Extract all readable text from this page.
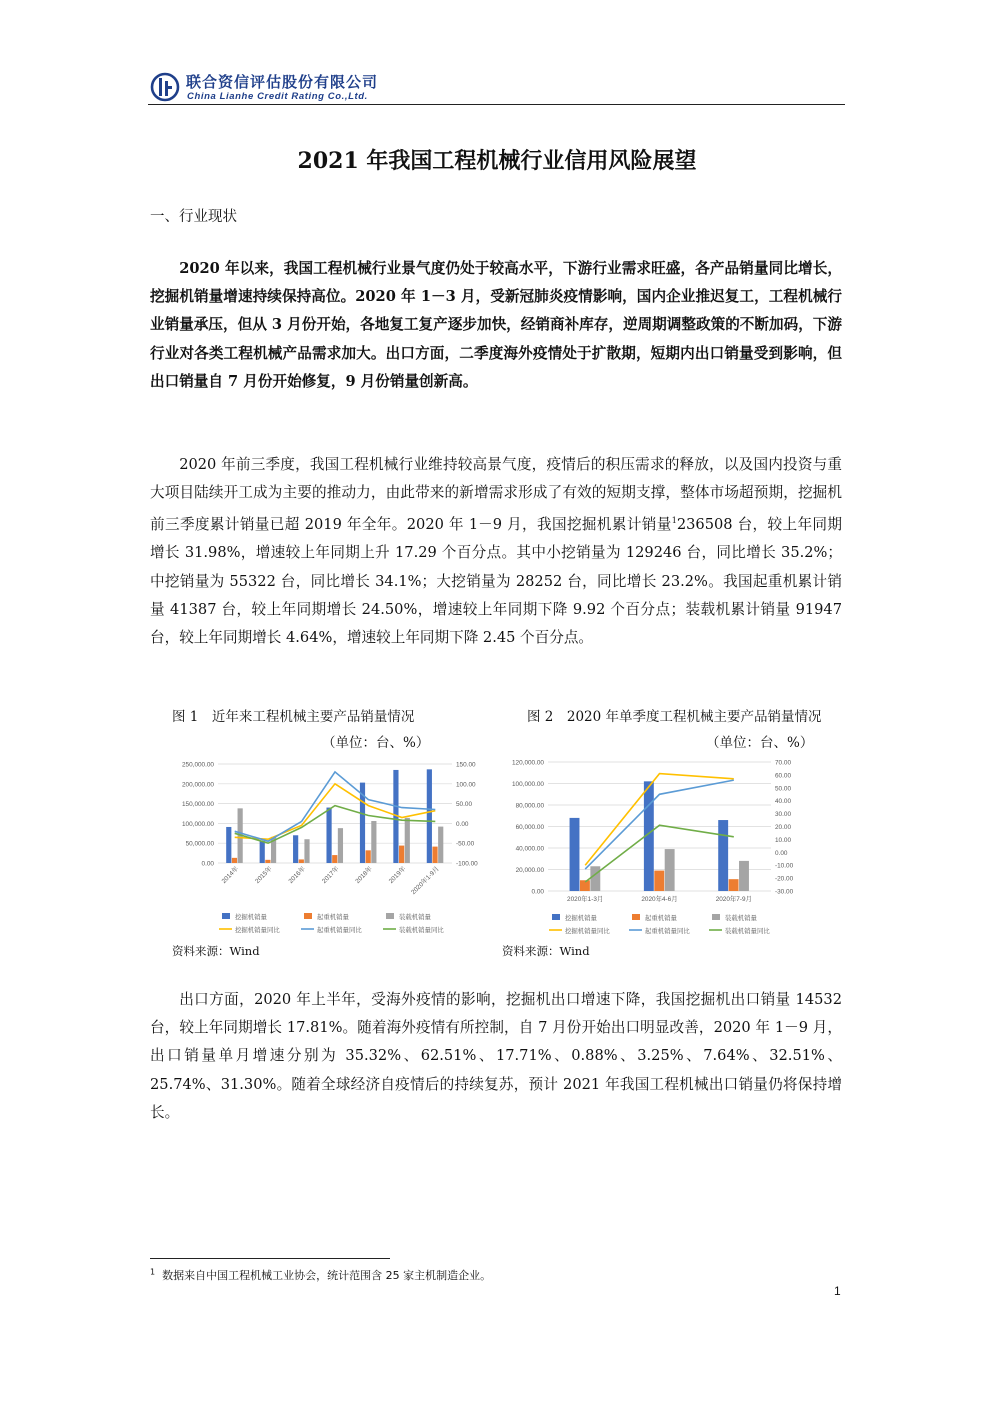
联合资信评估股份有限公司
China Lianhe Credit Rating Co.,Ltd.
2021 年我国工程机械行业信用风险展望
一、行业现状

2020 年以来，我国工程机械行业景气度仍处于较高水平，下游行业需求旺盛，各产品销量同比增长，挖掘机销量增速持续保持高位。2020 年 1－3 月，受新冠肺炎疫情影响，国内企业推迟复工，工程机械行业销量承压，但从 3 月份开始，各地复工复产逐步加快，经销商补库存，逆周期调整政策的不断加码，下游行业对各类工程机械产品需求加大。出口方面，二季度海外疫情处于扩散期，短期内出口销量受到影响，但出口销量自 7 月份开始修复，9 月份销量创新高。

2020 年前三季度，我国工程机械行业维持较高景气度，疫情后的积压需求的释放，以及国内投资与重大项目陆续开工成为主要的推动力，由此带来的新增需求形成了有效的短期支撑，整体市场超预期，挖掘机前三季度累计销量已超 2019 年全年。2020 年 1－9 月，我国挖掘机累计销量$^1$236508 台，较上年同期增长 31.98%，增速较上年同期上升 17.29 个百分点。其中小挖销量为 129246 台，同比增长 35.2%；中挖销量为 55322 台，同比增长 34.1%；大挖销量为 28252 台，同比增长 23.2%。我国起重机累计销量 41387 台，较上年同期增长 24.50%，增速较上年同期下降 9.92 个百分点；装载机累计销量 91947 台，较上年同期增长 4.64%，增速较上年同期下降 2.45 个百分点。

图 1　近年来工程机械主要产品销量情况
（单位：台、%）
250,000.00
200,000.00
150,000.00
100,000.00
50,000.00
0.00
150.00
100.00
50.00
0.00
-50.00
-100.00
2014年 2015年 2016年 2017年 2018年 2019年 2020年1-9月
挖掘机销量	起重机销量	装载机销量
挖掘机销量同比	起重机销量同比	装载机销量同比
资料来源：Wind
图 2　2020 年单季度工程机械主要产品销量情况
（单位：台、%）
120,000.00
100,000.00
80,000.00
60,000.00
40,000.00
20,000.00
0.00
70.00
60.00
50.00
40.00
30.00
20.00
10.00
0.00
-10.00
-20.00
-30.00
2020年1-3月	2020年4-6月	2020年7-9月
挖掘机销量	起重机销量	装载机销量
挖掘机销量同比	起重机销量同比	装载机销量同比
资料来源：Wind

出口方面，2020 年上半年，受海外疫情的影响，挖掘机出口增速下降，我国挖掘机出口销量 14532 台，较上年同期增长 17.81%。随着海外疫情有所控制，自 7 月份开始出口明显改善，2020 年 1－9 月，出口销量单月增速分别为 35.32%、62.51%、17.71%、0.88%、3.25%、7.64%、32.51%、25.74%、31.30%。随着全球经济自疫情后的持续复苏，预计 2021 年我国工程机械出口销量仍将保持增长。

$^1$ 数据来自中国工程机械工业协会，统计范围含 25 家主机制造企业。
1
